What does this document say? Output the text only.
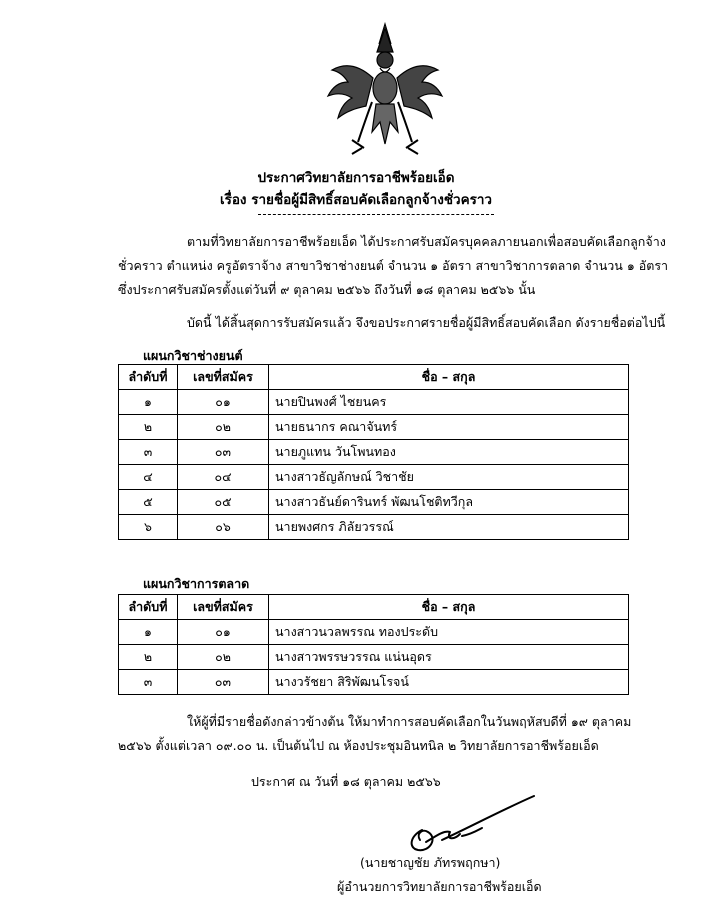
ประกาศวิทยาลัยการอาชีพร้อยเอ็ด
เรื่อง รายชื่อผู้มีสิทธิ์สอบคัดเลือกลูกจ้างชั่วคราว
ตามที่วิทยาลัยการอาชีพร้อยเอ็ด ได้ประกาศรับสมัครบุคคลภายนอกเพื่อสอบคัดเลือกลูกจ้าง
ชั่วคราว ตำแหน่ง ครูอัตราจ้าง สาขาวิชาช่างยนต์ จำนวน ๑ อัตรา สาขาวิชาการตลาด จำนวน ๑ อัตรา
ซึ่งประกาศรับสมัครตั้งแต่วันที่ ๙ ตุลาคม ๒๕๖๖ ถึงวันที่ ๑๘ ตุลาคม ๒๕๖๖ นั้น
บัดนี้ ได้สิ้นสุดการรับสมัครแล้ว จึงขอประกาศรายชื่อผู้มีสิทธิ์สอบคัดเลือก ดังรายชื่อต่อไปนี้
แผนกวิชาช่างยนต์
ลำดับที่	เลขที่สมัคร	ชื่อ – สกุล
๑	๐๑	นายปินพงศ์ ไชยนคร
๒	๐๒	นายธนากร คณาจันทร์
๓	๐๓	นายภูแทน วันโพนทอง
๔	๐๔	นางสาวธัญลักษณ์ วิชาชัย
๕	๐๕	นางสาวธันย์ดารินทร์ พัฒนโชติทวีกุล
๖	๐๖	นายพงศกร ภิลัยวรรณ์
แผนกวิชาการตลาด
ลำดับที่	เลขที่สมัคร	ชื่อ – สกุล
๑	๐๑	นางสาวนวลพรรณ ทองประดับ
๒	๐๒	นางสาวพรรษวรรณ แน่นอุดร
๓	๐๓	นางวรัชยา สิริพัฒนโรจน์
ให้ผู้ที่มีรายชื่อดังกล่าวข้างต้น ให้มาทำการสอบคัดเลือกในวันพฤหัสบดีที่ ๑๙ ตุลาคม
๒๕๖๖ ตั้งแต่เวลา ๐๙.๐๐ น. เป็นต้นไป ณ ห้องประชุมอินทนิล ๒ วิทยาลัยการอาชีพร้อยเอ็ด
ประกาศ ณ วันที่ ๑๘ ตุลาคม ๒๕๖๖
(นายชาญชัย ภัทรพฤกษา)
ผู้อำนวยการวิทยาลัยการอาชีพร้อยเอ็ด
